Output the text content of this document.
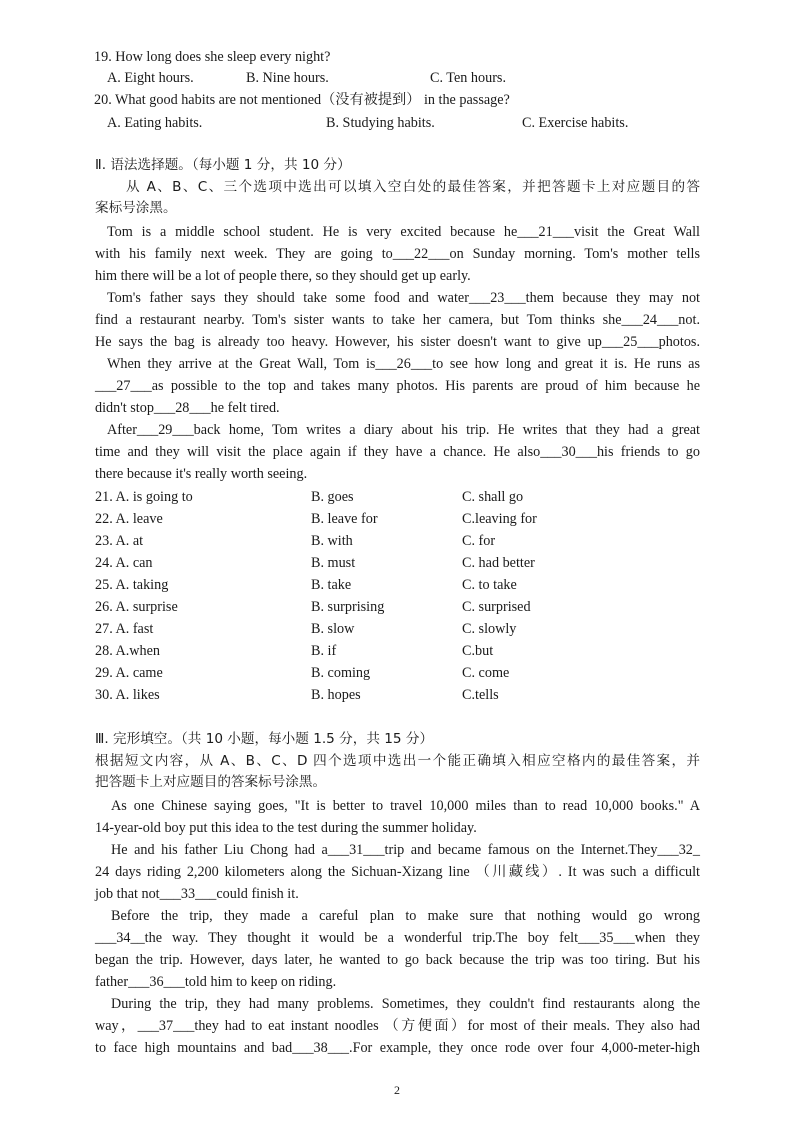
19. How long does she sleep every night?
A. Eight hours.	B. Nine hours.	C. Ten hours.
20. What good habits are not mentioned（没有被提到） in the passage?
A. Eating habits.	B. Studying habits.	C. Exercise habits.
Ⅱ. 语法选择题。（每小题 1 分，共 10 分）
从 A、B、C、三个选项中选出可以填入空白处的最佳答案，并把答题卡上对应题目的答
案标号涂黑。
Tom is a middle school student. He is very excited because he___21___visit the Great Wall
with his family next week. They are going to___22___on Sunday morning. Tom's mother tells
him there will be a lot of people there, so they should get up early.
Tom's father says they should take some food and water___23___them because they may not
find a restaurant nearby. Tom's sister wants to take her camera, but Tom thinks she___24___not.
He says the bag is already too heavy. However, his sister doesn't want to give up___25___photos.
When they arrive at the Great Wall, Tom is___26___to see how long and great it is. He runs as
___27___as possible to the top and takes many photos. His parents are proud of him because he
didn't stop___28___he felt tired.
After___29___back home, Tom writes a diary about his trip. He writes that they had a great
time and they will visit the place again if they have a chance. He also___30___his friends to go
there because it's really worth seeing.
21. A. is going to	B. goes	C. shall go
22. A. leave	B. leave for	C.leaving for
23. A. at	B. with	C. for
24. A. can	B. must	C. had better
25. A. taking	B. take	C. to take
26. A. surprise	B. surprising	C. surprised
27. A. fast	B. slow	C. slowly
28. A.when	B. if	C.but
29. A. came	B. coming	C. come
30. A. likes	B. hopes	C.tells
Ⅲ. 完形填空。（共 10 小题，每小题 1.5 分，共 15 分）
根据短文内容，从 A、B、C、D 四个选项中选出一个能正确填入相应空格内的最佳答案，并
把答题卡上对应题目的答案标号涂黑。
As one Chinese saying goes, "It is better to travel 10,000 miles than to read 10,000 books." A
14-year-old boy put this idea to the test during the summer holiday.
He and his father Liu Chong had a___31___trip and became famous on the Internet.They___32_
24 days riding 2,200 kilometers along the Sichuan-Xizang line （川藏线）. It was such a difficult
job that not___33___could finish it.
Before the trip, they made a careful plan to make sure that nothing would go wrong
___34__the way. They thought it would be a wonderful trip.The boy felt___35___when they
began the trip. However, days later, he wanted to go back because the trip was too tiring. But his
father___36___told him to keep on riding.
During the trip, they had many problems. Sometimes, they couldn't find restaurants along the
way，___37___they had to eat instant noodles （方便面）for most of their meals. They also had
to face high mountains and bad___38___.For example, they once rode over four 4,000-meter-high
2
